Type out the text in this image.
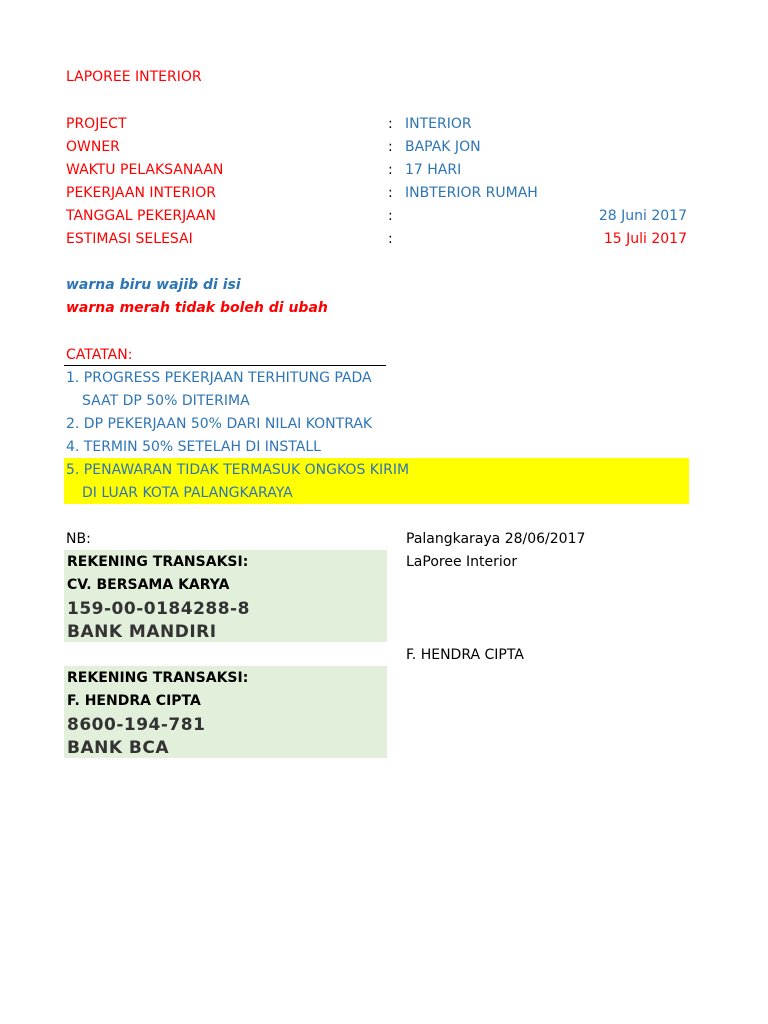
LAPOREE INTERIOR
PROJECT	: INTERIOR
OWNER	: BAPAK JON
WAKTU PELAKSANAAN	: 17 HARI
PEKERJAAN INTERIOR	: INBTERIOR RUMAH
TANGGAL PEKERJAAN	:	28 Juni 2017
ESTIMASI SELESAI	:	15 Juli 2017
warna biru wajib di isi
warna merah tidak boleh di ubah
CATATAN:
1. PROGRESS PEKERJAAN TERHITUNG PADA
SAAT DP 50% DITERIMA
2. DP PEKERJAAN 50% DARI NILAI KONTRAK
4. TERMIN 50% SETELAH DI INSTALL
5. PENAWARAN TIDAK TERMASUK ONGKOS KIRIM
DI LUAR KOTA PALANGKARAYA
NB:
REKENING TRANSAKSI:
CV. BERSAMA KARYA
159-00-0184288-8
BANK MANDIRI
REKENING TRANSAKSI:
F. HENDRA CIPTA
8600-194-781
BANK BCA
Palangkaraya 28/06/2017
LaPoree Interior
F. HENDRA CIPTA
